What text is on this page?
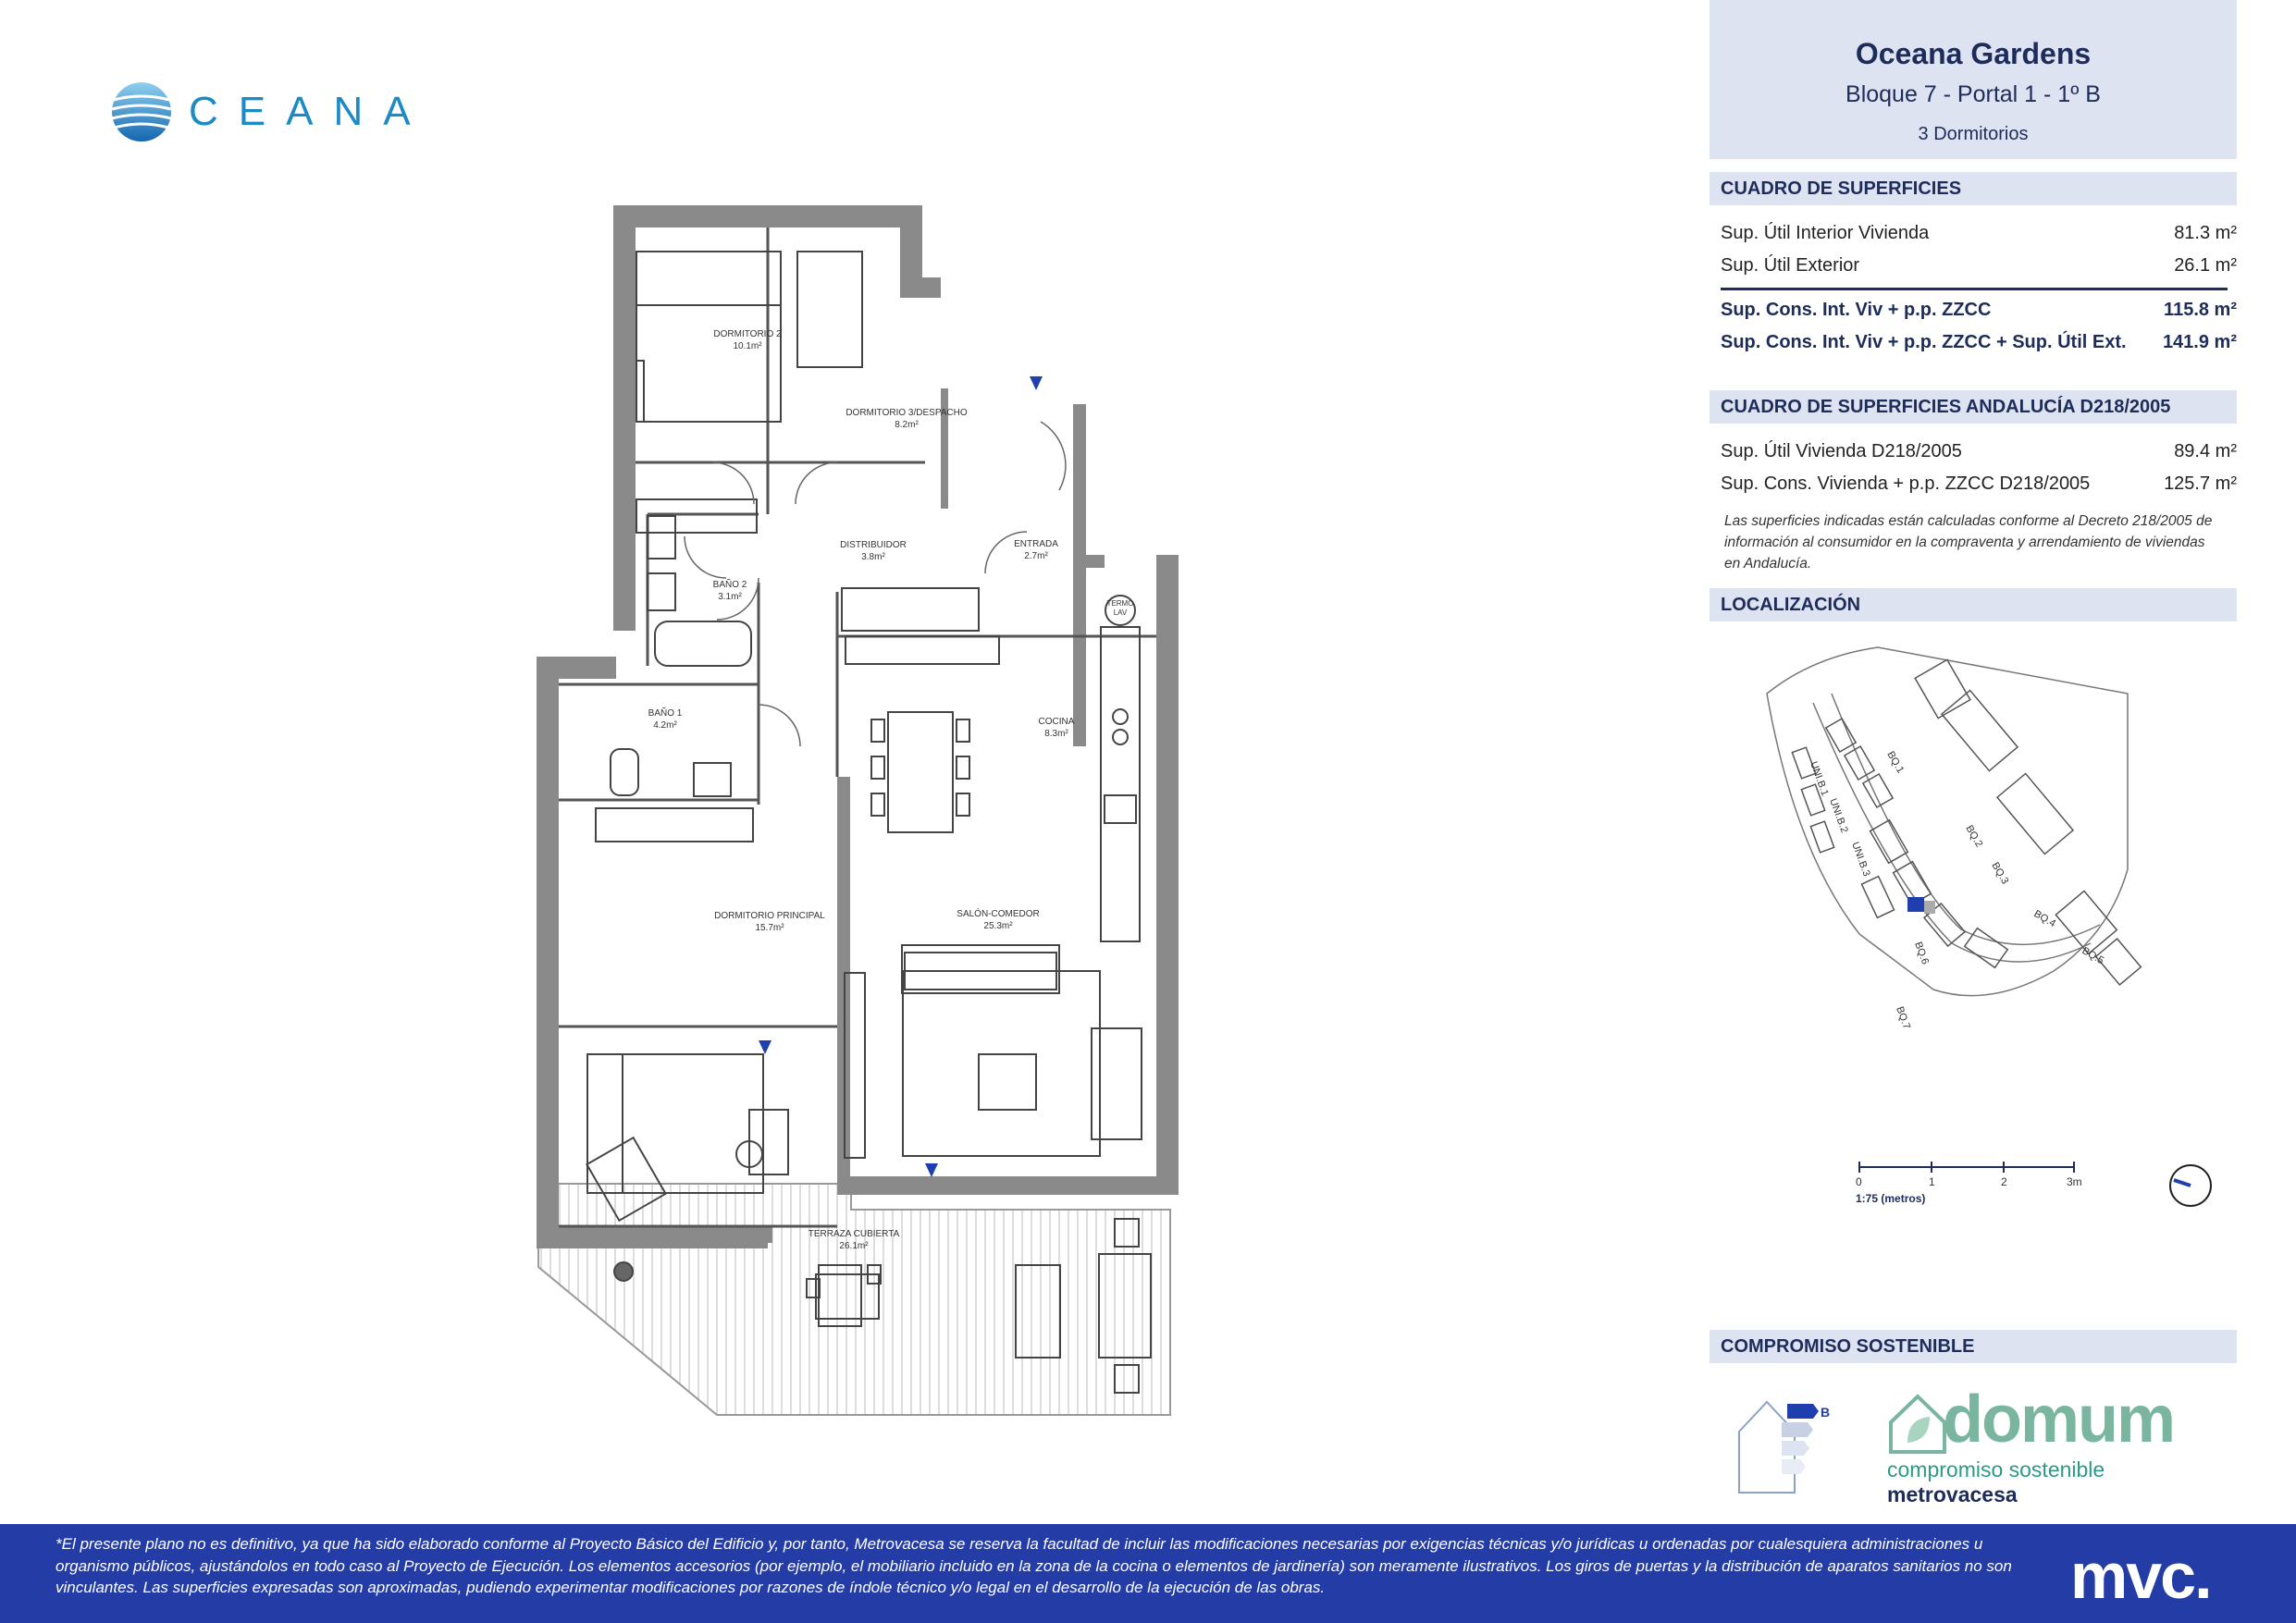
CEANA
DORMITORIO 2
10.1m²
DORMITORIO 3/DESPACHO
8.2m²
DISTRIBUIDOR
3.8m²
ENTRADA
2.7m²
BAÑO 2
3.1m²
BAÑO 1
4.2m²	COCINA
8.3m²
DORMITORIO PRINCIPAL
15.7m²
SALÓN-COMEDOR
25.3m²
TERRAZA CUBIERTA
26.1m²
TERMO
LAV
Oceana Gardens
Bloque 7 - Portal 1 - 1º B
3 Dormitorios
CUADRO DE SUPERFICIES
Sup. Útil Interior Vivienda	81.3 m²
Sup. Útil Exterior	26.1 m²
Sup. Cons. Int. Viv + p.p. ZZCC	115.8 m²
Sup. Cons. Int. Viv + p.p. ZZCC + Sup. Útil Ext. 141.9 m²
CUADRO DE SUPERFICIES ANDALUCÍA D218/2005
Sup. Útil Vivienda D218/2005	89.4 m²
Sup. Cons. Vivienda + p.p. ZZCC D218/2005	125.7 m²
Las superficies indicadas están calculadas conforme al Decreto 218/2005 de información al consumidor en la compraventa y arrendamiento de viviendas en Andalucía.
LOCALIZACIÓN
BQ.1
BQ.2
BQ.3
BQ.4
BQ.5
BQ.6
BQ.7
UNI.B.1
UNI.B.2
UNI.B.3
0	1	2	3m
1:75 (metros)
COMPROMISO SOSTENIBLE
B domum
compromiso sostenible metrovacesa
*El presente plano no es definitivo, ya que ha sido elaborado conforme al Proyecto Básico del Edificio y, por tanto, Metrovacesa se reserva la facultad de incluir las modificaciones necesarias por exigencias técnicas y/o jurídicas u ordenadas por cualesquiera administraciones u organismo públicos, ajustándolos en todo caso al Proyecto de Ejecución. Los elementos accesorios (por ejemplo, el mobiliario incluido en la zona de la cocina o elementos de jardinería) son meramente ilustrativos. Los giros de puertas y la distribución de aparatos sanitarios no son vinculantes. Las superficies expresadas son aproximadas, pudiendo experimentar modificaciones por razones de índole técnico y/o legal en el desarrollo de la ejecución de las obras.	mvc.
